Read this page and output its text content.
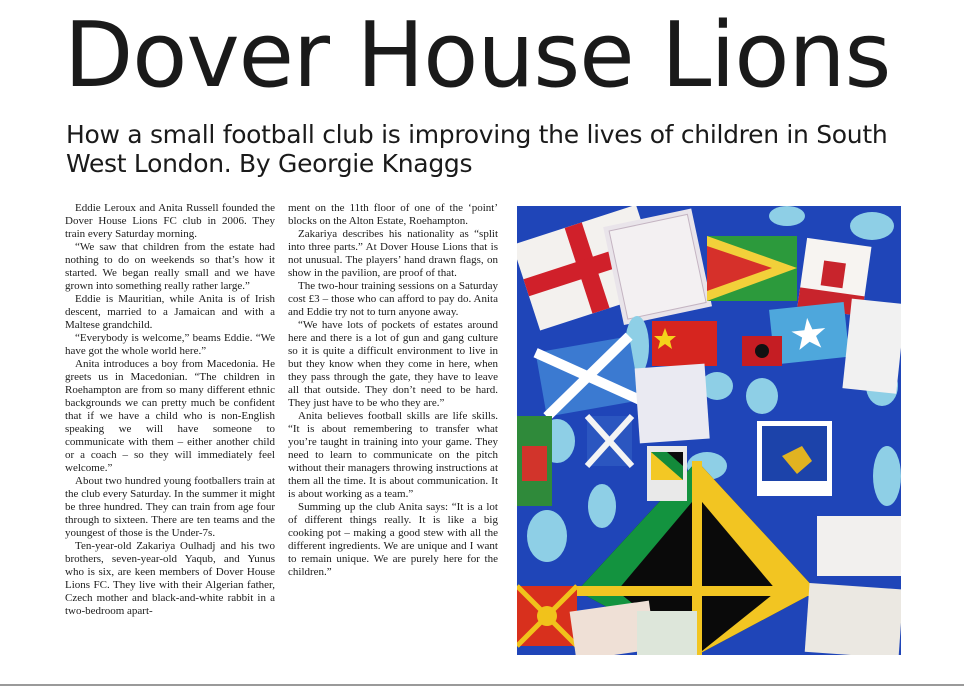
Dover House Lions

How a small football club is improving the lives of children in South West London. By Georgie Knaggs

Eddie Leroux and Anita Russell founded the Dover House Lions FC club in 2006. They train every Saturday morning.

“We saw that children from the estate had nothing to do on weekends so that’s how it started. We began really small and we have grown into something really rather large.”

Eddie is Mauritian, while Anita is of Irish descent, married to a Jamaican and with a Maltese grandchild.

“Everybody is welcome,” beams Eddie. “We have got the whole world here.”

Anita introduces a boy from Macedonia. He greets us in Macedonian. “The children in Roehampton are from so many different ethnic backgrounds we can pretty much be confident that if we have a child who is non-English speaking we will have someone to communicate with them – either another child or a coach – so they will immediately feel welcome.”

About two hundred young footballers train at the club every Saturday. In the summer it might be three hundred. They can train from age four through to sixteen. There are ten teams and the youngest of those is the Under-7s.

Ten-year-old Zakariya Oulhadj and his two brothers, seven-year-old Yaqub, and Yunus who is six, are keen members of Dover House Lions FC. They live with their Algerian father, Czech mother and black-and-white rabbit in a two-bedroom apart-

ment on the 11th floor of one of the ‘point’ blocks on the Alton Estate, Roehampton.

Zakariya describes his nationality as “split into three parts.” At Dover House Lions that is not unusual. The players’ hand drawn flags, on show in the pavilion, are proof of that.

The two-hour training sessions on a Saturday cost £3 – those who can afford to pay do. Anita and Eddie try not to turn anyone away.

“We have lots of pockets of estates around here and there is a lot of gun and gang culture so it is quite a difficult environment to live in but they know when they come in here, when they pass through the gate, they have to leave all that outside. They don’t need to be hard. They just have to be who they are.”

Anita believes football skills are life skills. “It is about remembering to transfer what you’re taught in training into your game. They need to learn to communicate on the pitch without their managers throwing instructions at them all the time. It is about communication. It is about working as a team.”

Summing up the club Anita says: “It is a lot of different things really. It is like a big cooking pot – making a good stew with all the different ingredients. We are unique and I want to remain unique. We are purely here for the children.”
